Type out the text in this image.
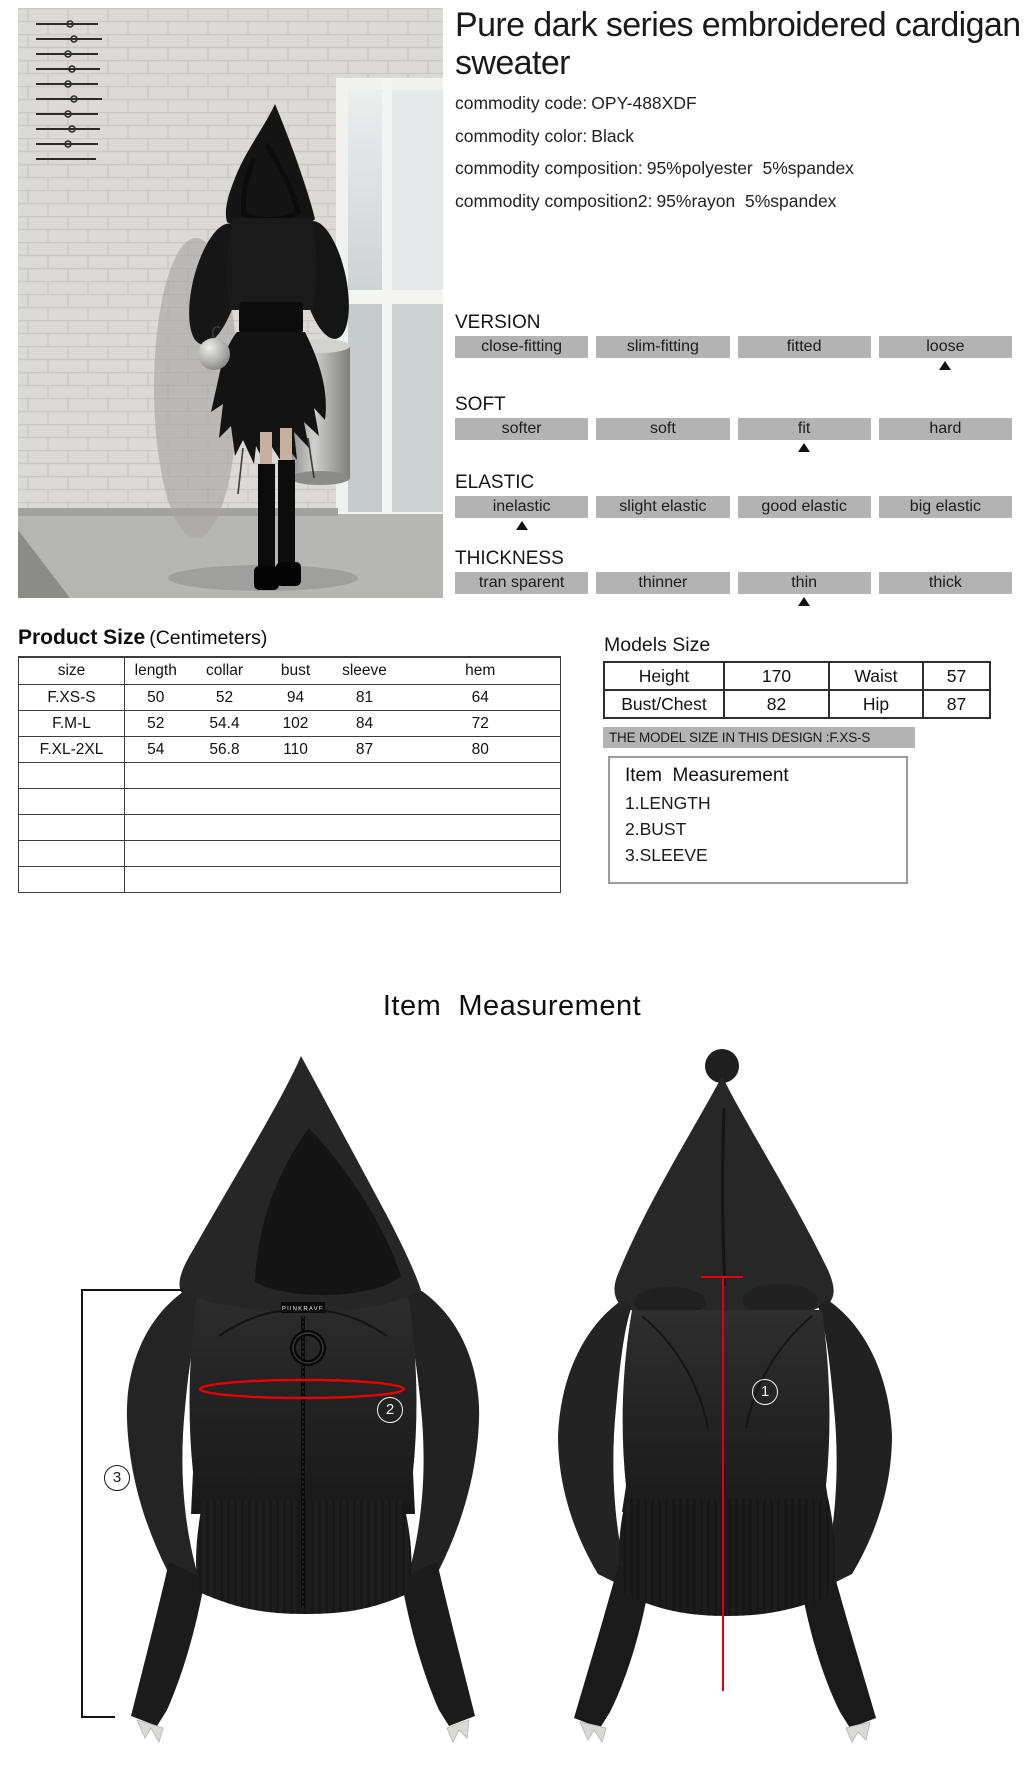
Pure dark series embroidered cardigan sweater
commodity code: OPY-488XDF
commodity color: Black
commodity composition: 95%polyester  5%spandex
commodity composition2: 95%rayon  5%spandex
VERSION
close-fitting	slim-fitting	fitted	loose
SOFT
softer	soft	fit	hard
ELASTIC
inelastic	slight elastic	good elastic	big elastic
THICKNESS
tran sparent	thinner	thin	thick
Product Size (Centimeters)
size	length	collar	bust	sleeve	hem
F.XS-S	50	52	94	81	64
F.M-L	52	54.4	102	84	72
F.XL-2XL	54	56.8	110	87	80

Models Size
Height	170	Waist	57
Bust/Chest	82	Hip	87
THE MODEL SIZE IN THIS DESIGN :F.XS-S
Item  Measurement
1.LENGTH
2.BUST
3.SLEEVE
Item  Measurement
PUNKRAVE
2
1
3
